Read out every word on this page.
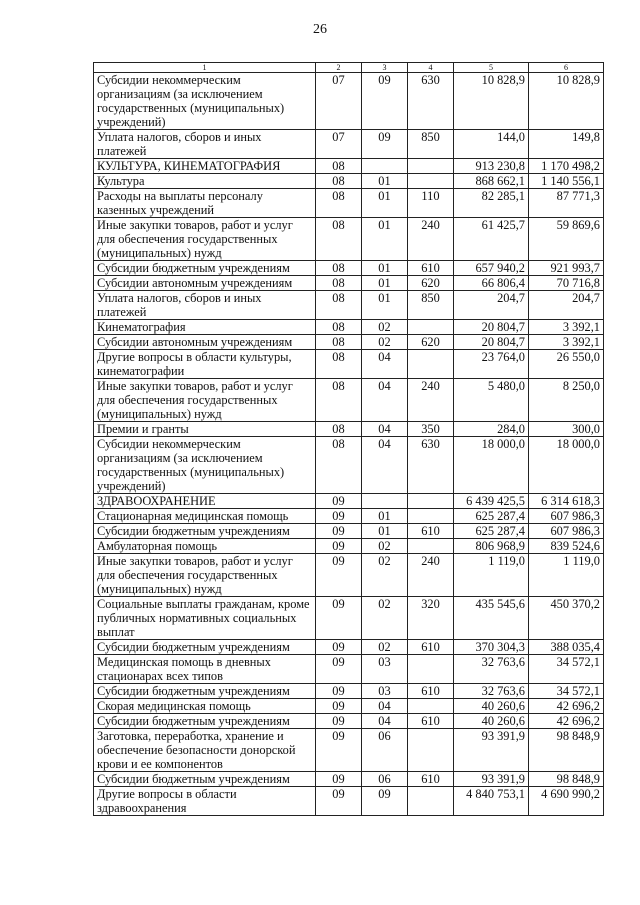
26
1	2	3	4	5	6
Субсидии некоммерческим организациям (за исключением государственных (муниципальных) учреждений)	07	09	630	10 828,9	10 828,9
Уплата налогов, сборов и иных платежей	07	09	850	144,0	149,8
КУЛЬТУРА, КИНЕМАТОГРАФИЯ	08			913 230,8	1 170 498,2
Культура	08	01		868 662,1	1 140 556,1
Расходы на выплаты персоналу казенных учреждений	08	01	110	82 285,1	87 771,3
Иные закупки товаров, работ и услуг для обеспечения государственных (муниципальных) нужд	08	01	240	61 425,7	59 869,6
Субсидии бюджетным учреждениям	08	01	610	657 940,2	921 993,7
Субсидии автономным учреждениям	08	01	620	66 806,4	70 716,8
Уплата налогов, сборов и иных платежей	08	01	850	204,7	204,7
Кинематография	08	02		20 804,7	3 392,1
Субсидии автономным учреждениям	08	02	620	20 804,7	3 392,1
Другие вопросы в области культуры, кинематографии	08	04		23 764,0	26 550,0
Иные закупки товаров, работ и услуг для обеспечения государственных (муниципальных) нужд	08	04	240	5 480,0	8 250,0
Премии и гранты	08	04	350	284,0	300,0
Субсидии некоммерческим организациям (за исключением государственных (муниципальных) учреждений)	08	04	630	18 000,0	18 000,0
ЗДРАВООХРАНЕНИЕ	09			6 439 425,5	6 314 618,3
Стационарная медицинская помощь	09	01		625 287,4	607 986,3
Субсидии бюджетным учреждениям	09	01	610	625 287,4	607 986,3
Амбулаторная помощь	09	02		806 968,9	839 524,6
Иные закупки товаров, работ и услуг для обеспечения государственных (муниципальных) нужд	09	02	240	1 119,0	1 119,0
Социальные выплаты гражданам, кроме публичных нормативных социальных выплат	09	02	320	435 545,6	450 370,2
Субсидии бюджетным учреждениям	09	02	610	370 304,3	388 035,4
Медицинская помощь в дневных стационарах всех типов	09	03		32 763,6	34 572,1
Субсидии бюджетным учреждениям	09	03	610	32 763,6	34 572,1
Скорая медицинская помощь	09	04		40 260,6	42 696,2
Субсидии бюджетным учреждениям	09	04	610	40 260,6	42 696,2
Заготовка, переработка, хранение и обеспечение безопасности донорской крови и ее компонентов	09	06		93 391,9	98 848,9
Субсидии бюджетным учреждениям	09	06	610	93 391,9	98 848,9
Другие вопросы в области здравоохранения	09	09		4 840 753,1	4 690 990,2
